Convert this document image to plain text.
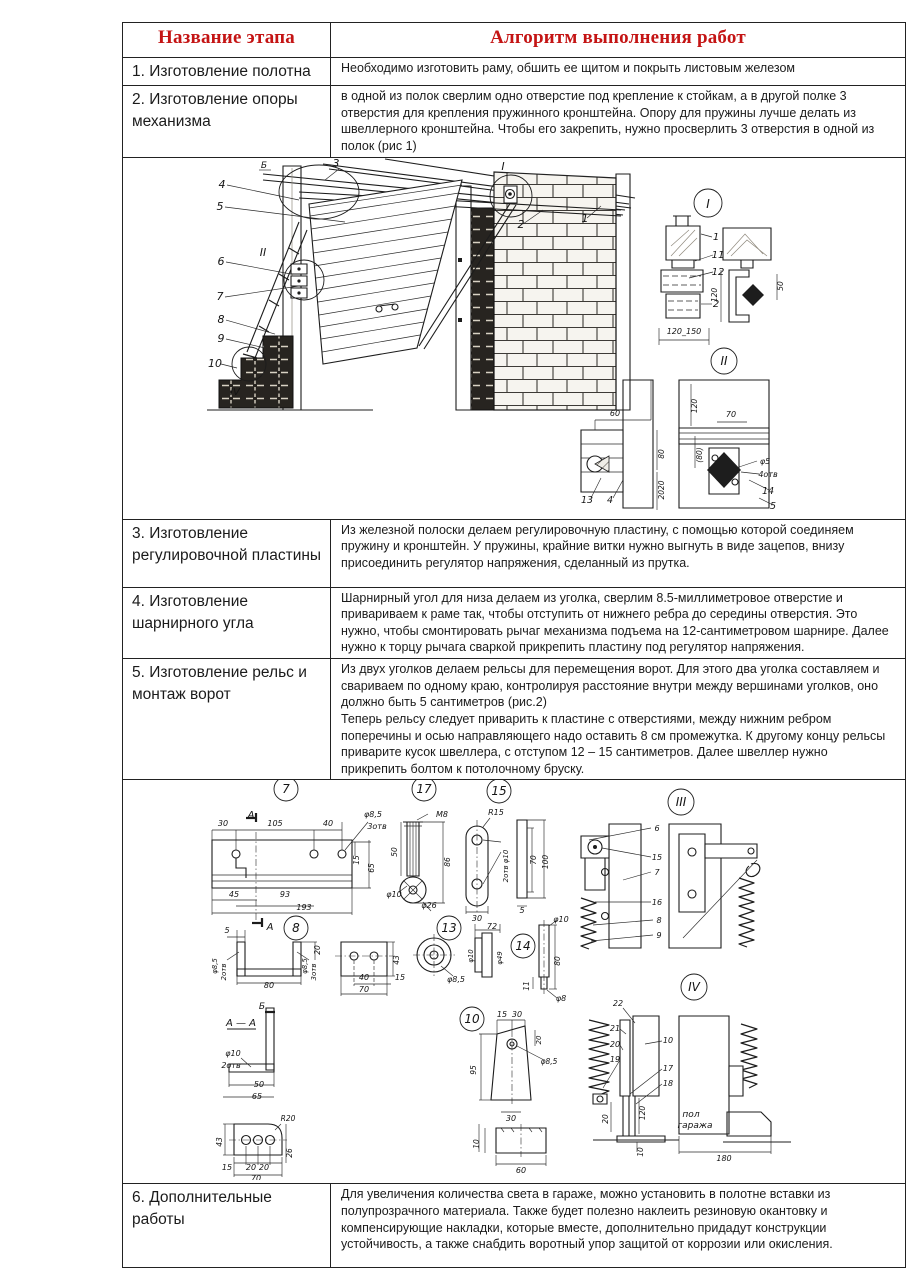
Название этапа	Алгоритм выполнения работ
1. Изготовление полотна	Необходимо изготовить раму, обшить ее щитом и покрыть листовым железом

2. Изготовление опоры механизма	в одной из полок сверлим одно отверстие под крепление к стойкам, а в другой полке 3 отверстия для крепления пружинного кронштейна. Опору для пружины лучше делать из швеллерного кронштейна. Чтобы его закрепить, нужно просверлить 3 отверстия в одной из полок (рис 1)

Б	3
4
5
II
6
7
8
9
10
IV
I
2	1
I
1
11
12
2
120
50
120_150
II
60
80
2020
13 4
120
70
(80)	φ5
4отв
14
5

3. Изготовление регулировочной пластины	Из железной полоски делаем регулировочную пластину, с помощью которой соединяем пружину и кронштейн. У пружины, крайние витки нужно выгнуть в виде зацепов, внизу присоединить регулятор напряжения, сделанный из прутка.

4. Изготовление шарнирного угла	Шарнирный угол для низа делаем из уголка, сверлим 8.5-миллиметровое отверстие и привариваем к раме так, чтобы отступить от нижнего ребра до середины отверстия. Это нужно, чтобы смонтировать рычаг механизма подъема на 12-сантиметровом шарнире. Далее нужно к торцу рычага сваркой прикрепить пластину под регулятор напряжения.

5. Изготовление рельс и монтаж ворот	Из двух уголков делаем рельсы для перемещения ворот. Для этого два уголка составляем и свариваем по одному краю, контролируя расстояние внутри между вершинами уголков, оно должно быть 5 сантиметров (рис.2)
Теперь рельсу следует приварить к пластине с отверстиями, между нижним ребром поперечины и осью направляющего надо оставить 8 см промежутка. К другому концу рельсы приварите кусок швеллера, с отступом 12 – 15 сантиметров. Далее швеллер нужно прикрепить болтом к потолочному бруску.

7
A
30	105	40
φ8,5
3отв
15
65
45	93
193
A 8
5
φ8,5 2отв
80
20
φ8,5 3отв
43
40	15
70
17
M8
50
86
φ10
φ26
15
R15
2отв φ10
30
70 100
5
13	72
φ10	φ49
φ8,5
14
φ10
80
11
φ8
А — А
Б
φ10
2отв
50
65
R20
43
15 20 20
26
70
10 15 30
95
20
φ8,5
30
10
60
III
6
15
7
16
8
9
IV
22
21
20
19
10
17
18
20	120
10
пол
гаража
180

6. Дополнительные работы	Для увеличения количества света в гараже, можно установить в полотне вставки из полупрозрачного материала. Также будет полезно наклеить резиновую окантовку и компенсирующие накладки, которые вместе, дополнительно придадут конструкции устойчивость, а также снабдить воротный упор защитой от коррозии или окисления.
